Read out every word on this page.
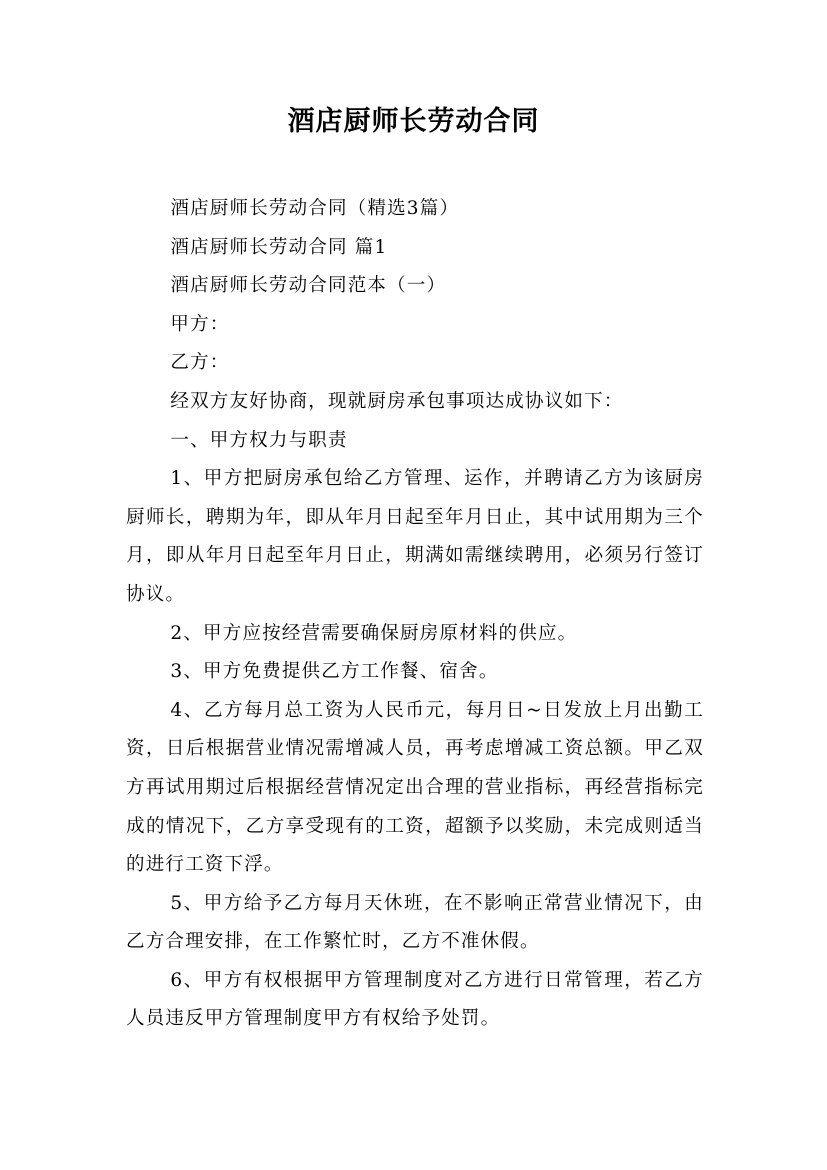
酒店厨师长劳动合同

酒店厨师长劳动合同（精选3篇）

酒店厨师长劳动合同 篇1

酒店厨师长劳动合同范本（一）

甲方：

乙方：

经双方友好协商，现就厨房承包事项达成协议如下：

一、甲方权力与职责

1、甲方把厨房承包给乙方管理、运作，并聘请乙方为该厨房厨师长，聘期为年，即从年月日起至年月日止，其中试用期为三个月，即从年月日起至年月日止，期满如需继续聘用，必须另行签订协议。

2、甲方应按经营需要确保厨房原材料的供应。

3、甲方免费提供乙方工作餐、宿舍。

4、乙方每月总工资为人民币元，每月日~日发放上月出勤工资，日后根据营业情况需增减人员，再考虑增减工资总额。甲乙双方再试用期过后根据经营情况定出合理的营业指标，再经营指标完成的情况下，乙方享受现有的工资，超额予以奖励，未完成则适当的进行工资下浮。

5、甲方给予乙方每月天休班，在不影响正常营业情况下，由乙方合理安排，在工作繁忙时，乙方不准休假。

6、甲方有权根据甲方管理制度对乙方进行日常管理，若乙方人员违反甲方管理制度甲方有权给予处罚。
